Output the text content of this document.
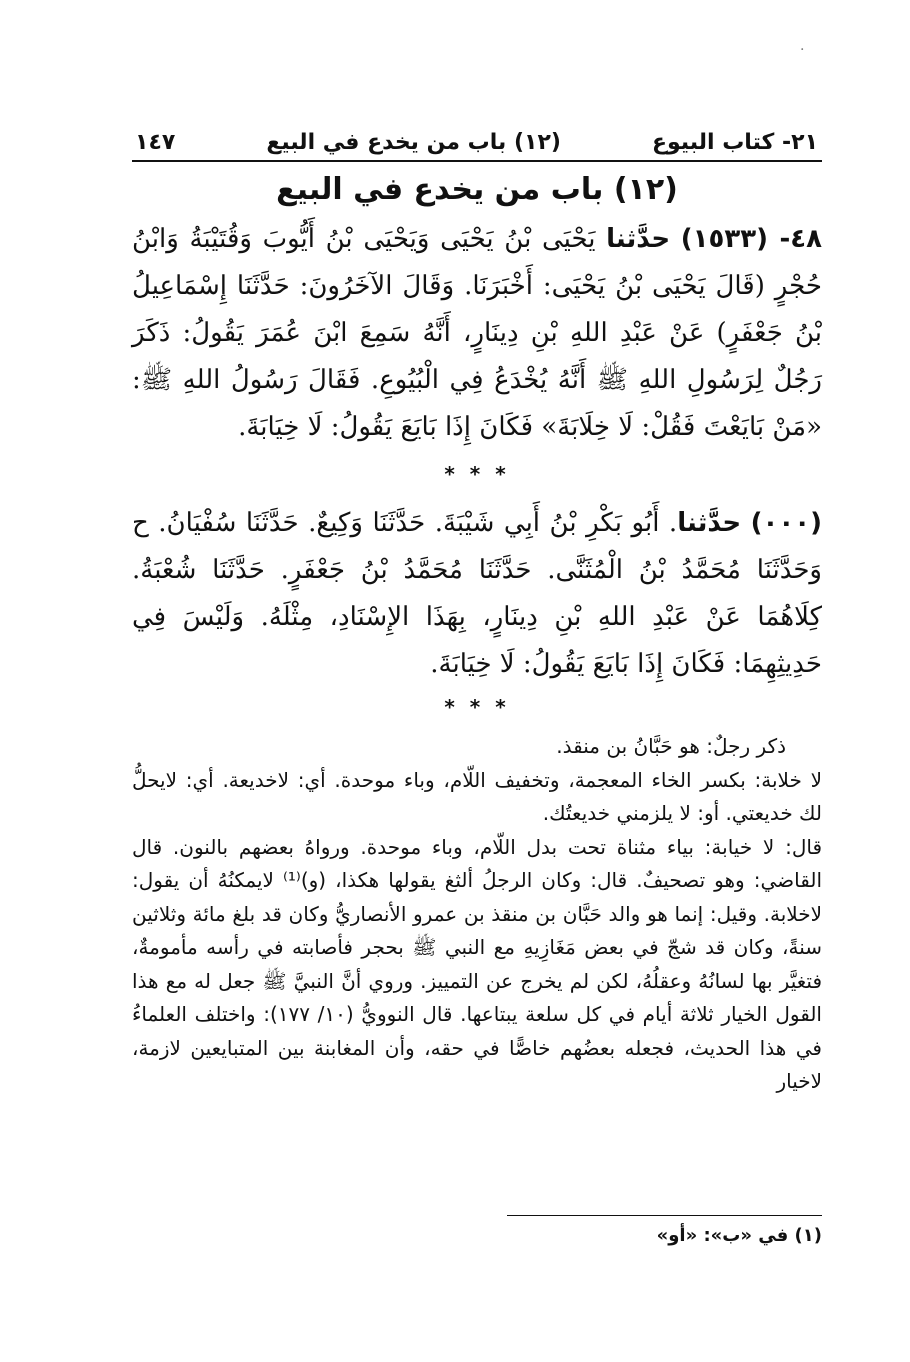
.
٢١- كتاب البيوع
(١٢) باب من يخدع في البيع
١٤٧
(١٢) باب من يخدع في البيع
٤٨- (١٥٣٣) حدَّثنا يَحْيَى بْنُ يَحْيَى وَيَحْيَى بْنُ أَيُّوبَ وَقُتَيْبَةُ وَابْنُ حُجْرٍ (قَالَ يَحْيَى بْنُ يَحْيَى: أَخْبَرَنَا. وَقَالَ الآخَرُونَ: حَدَّثَنَا إِسْمَاعِيلُ بْنُ جَعْفَرٍ) عَنْ عَبْدِ اللهِ بْنِ دِينَارٍ، أَنَّهُ سَمِعَ ابْنَ عُمَرَ يَقُولُ: ذَكَرَ رَجُلٌ لِرَسُولِ اللهِ ﷺ أَنَّهُ يُخْدَعُ فِي الْبُيُوعِ. فَقَالَ رَسُولُ اللهِ ﷺ: «مَنْ بَايَعْتَ فَقُلْ: لَا خِلَابَةَ» فَكَانَ إِذَا بَايَعَ يَقُولُ: لَا خِيَابَةَ.
* * *
(٠٠٠) حدَّثنا. أَبُو بَكْرِ بْنُ أَبِي شَيْبَةَ. حَدَّثَنَا وَكِيعٌ. حَدَّثَنَا سُفْيَانُ. ح وَحَدَّثَنَا مُحَمَّدُ بْنُ الْمُثَنَّى. حَدَّثَنَا مُحَمَّدُ بْنُ جَعْفَرٍ. حَدَّثَنَا شُعْبَةُ. كِلَاهُمَا عَنْ عَبْدِ اللهِ بْنِ دِينَارٍ، بِهَذَا الإِسْنَادِ، مِثْلَهُ. وَلَيْسَ فِي حَدِيثِهِمَا: فَكَانَ إِذَا بَايَعَ يَقُولُ: لَا خِيَابَةَ.
* * *

ذكر رجلٌ: هو حَبَّانُ بن منقذ.

لا خلابة: بكسر الخاء المعجمة، وتخفيف اللّام، وباء موحدة. أي: لاخديعة. أي: لايحلُّ لك خديعتي. أو: لا يلزمني خديعتُك.

قال: لا خيابة: بياء مثناة تحت بدل اللّام، وباء موحدة. ورواهُ بعضهم بالنون. قال القاضي: وهو تصحيفٌ. قال: وكان الرجلُ ألثغ يقولها هكذا، (و)⁽¹⁾ لايمكنُهُ أن يقول: لاخلابة. وقيل: إنما هو والد حَبَّان بن منقذ بن عمرو الأنصاريُّ وكان قد بلغ مائة وثلاثين سنةً، وكان قد شجّ في بعض مَغَازِيهِ مع النبي ﷺ بحجر فأصابته في رأسه مأمومةٌ، فتغيَّر بها لسانُهُ وعقلُهُ، لكن لم يخرج عن التمييز. وروي أنَّ النبيَّ ﷺ جعل له مع هذا القول الخيار ثلاثة أيام في كل سلعة يبتاعها. قال النوويُّ (١٠/ ١٧٧): واختلف العلماءُ في هذا الحديث، فجعله بعضُهم خاصًّا في حقه، وأن المغابنة بين المتبايعين لازمة، لاخيار

(١) في «ب»: «أو»
